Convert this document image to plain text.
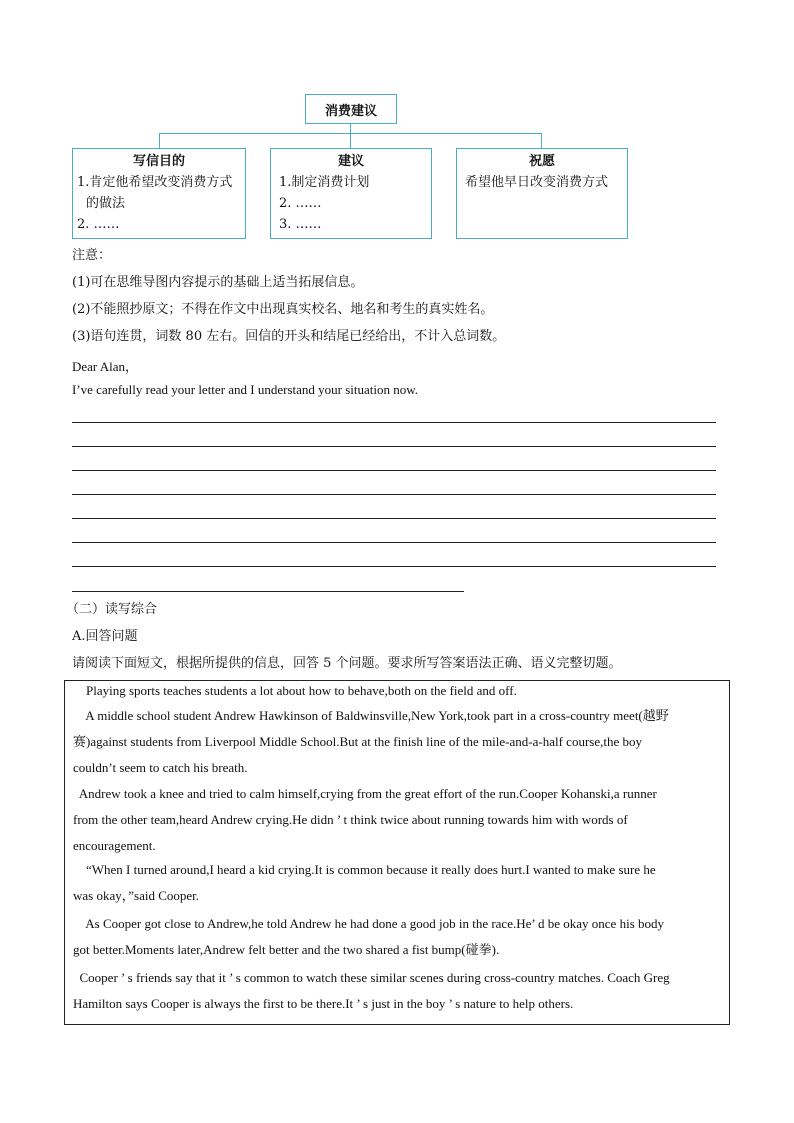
消费建议
写信目的
1.肯定他希望改变消费方式
的做法
2. ……
建议
1.制定消费计划
2. ……
3. ……
祝愿
希望他早日改变消费方式
注意：
(1)可在思维导图内容提示的基础上适当拓展信息。
(2)不能照抄原文；不得在作文中出现真实校名、地名和考生的真实姓名。
(3)语句连贯，词数 80 左右。回信的开头和结尾已经给出，不计入总词数。
Dear Alan，
I’ve carefully read your letter and I understand your situation now.
（二）读写综合
A.回答问题
请阅读下面短文，根据所提供的信息，回答 5 个问题。要求所写答案语法正确、语义完整切题。
Playing sports teaches students a lot about how to behave,both on the field and off.
A middle school student Andrew Hawkinson of Baldwinsville,New York,took part in a cross-country meet(越野
赛)against students from Liverpool Middle School.But at the finish line of the mile-and-a-half course,the boy
couldn’t seem to catch his breath.
Andrew took a knee and tried to calm himself,crying from the great effort of the run.Cooper Kohanski,a runner
from the other team,heard Andrew crying.He didn ’ t think twice about running towards him with words of
encouragement.
“When I turned around,I heard a kid crying.It is common because it really does hurt.I wanted to make sure he
was okay，”said Cooper.
As Cooper got close to Andrew,he told Andrew he had done a good job in the race.He’ d be okay once his body
got better.Moments later,Andrew felt better and the two shared a fist bump(碰拳).
Cooper ’ s friends say that it ’ s common to watch these similar scenes during cross-country matches. Coach Greg
Hamilton says Cooper is always the first to be there.It ’ s just in the boy ’ s nature to help others.
